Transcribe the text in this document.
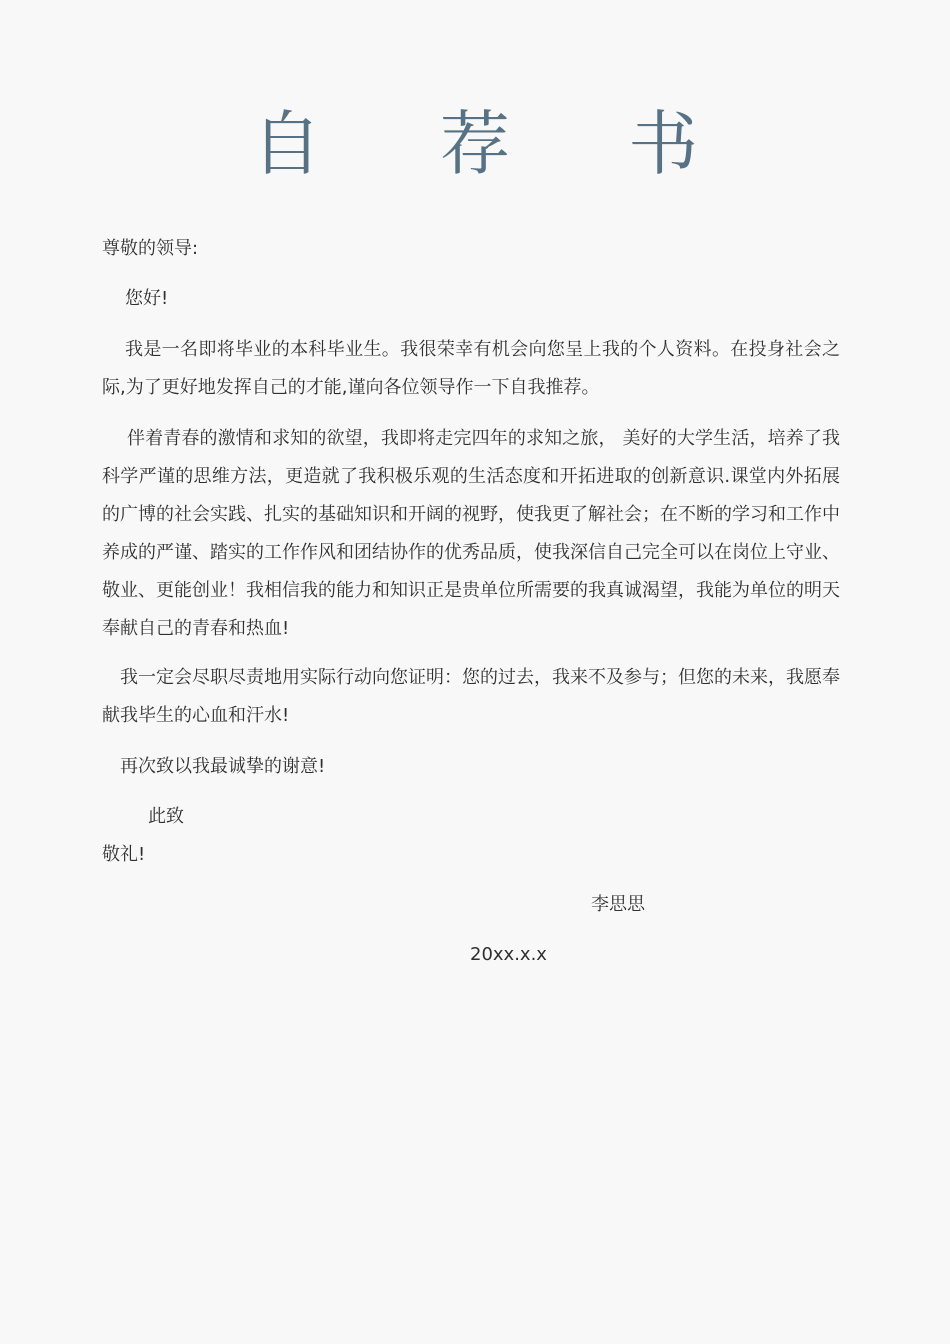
自 荐 书
尊敬的领导:
您好!
我是一名即将毕业的本科毕业生。我很荣幸有机会向您呈上我的个人资料。在投身社会之际,为了更好地发挥自己的才能,谨向各位领导作一下自我推荐。
伴着青春的激情和求知的欲望，我即将走完四年的求知之旅， 美好的大学生活，培养了我科学严谨的思维方法，更造就了我积极乐观的生活态度和开拓进取的创新意识.课堂内外拓展的广博的社会实践、扎实的基础知识和开阔的视野，使我更了解社会；在不断的学习和工作中养成的严谨、踏实的工作作风和团结协作的优秀品质，使我深信自己完全可以在岗位上守业、敬业、更能创业！我相信我的能力和知识正是贵单位所需要的我真诚渴望，我能为单位的明天奉献自己的青春和热血!
我一定会尽职尽责地用实际行动向您证明：您的过去，我来不及参与；但您的未来，我愿奉献我毕生的心血和汗水!
再次致以我最诚挚的谢意!
此致
敬礼!
李思思
20xx.x.x
